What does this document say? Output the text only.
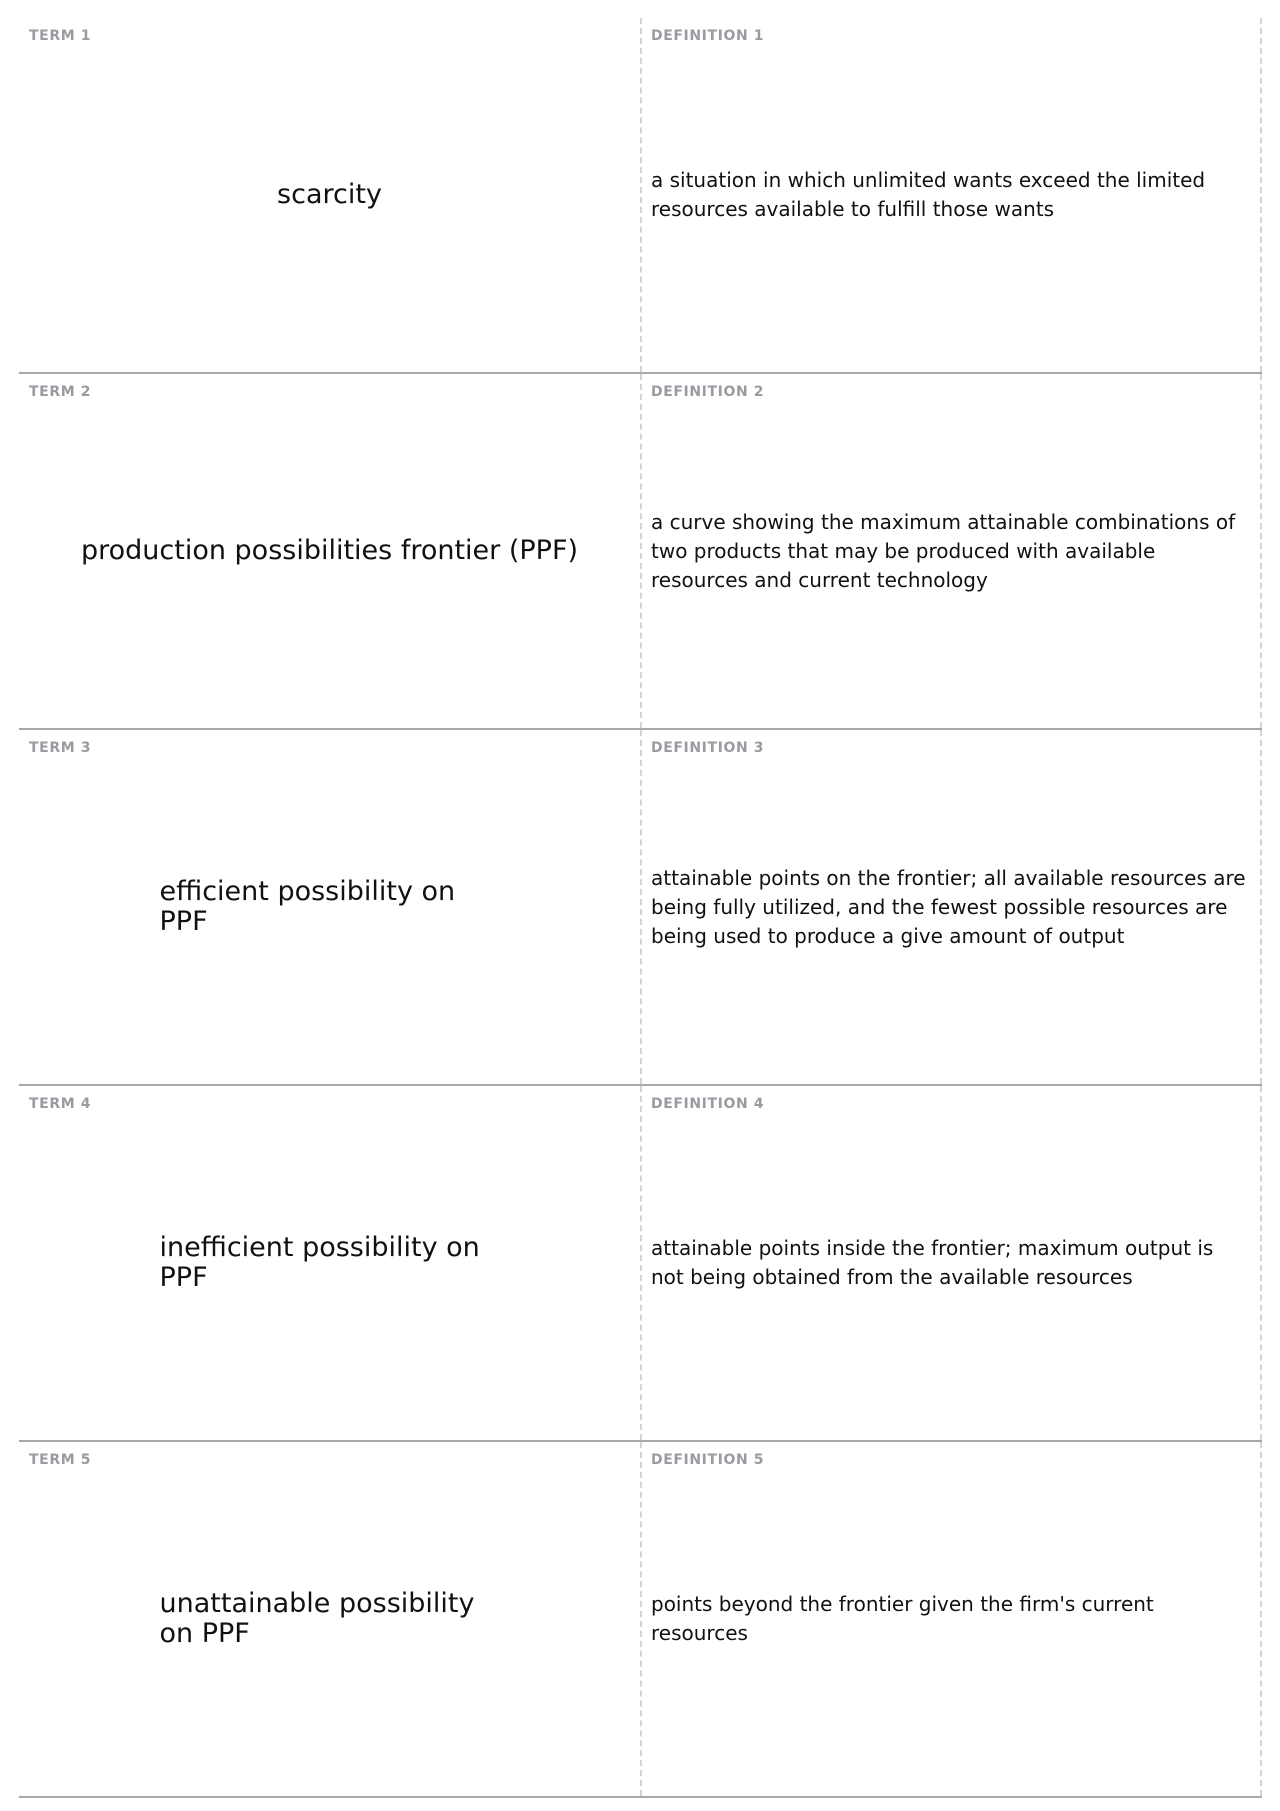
TERM 1
scarcity
DEFINITION 1
a situation in which unlimited wants exceed the limited resources available to fulfill those wants
TERM 2
production possibilities frontier (PPF)
DEFINITION 2
a curve showing the maximum attainable combinations of two products that may be produced with available resources and current technology
TERM 3
efficient possibility on PPF
DEFINITION 3
attainable points on the frontier; all available resources are being fully utilized, and the fewest possible resources are being used to produce a give amount of output
TERM 4
inefficient possibility on PPF
DEFINITION 4
attainable points inside the frontier; maximum output is not being obtained from the available resources
TERM 5
unattainable possibility on PPF
DEFINITION 5
points beyond the frontier given the firm's current resources
